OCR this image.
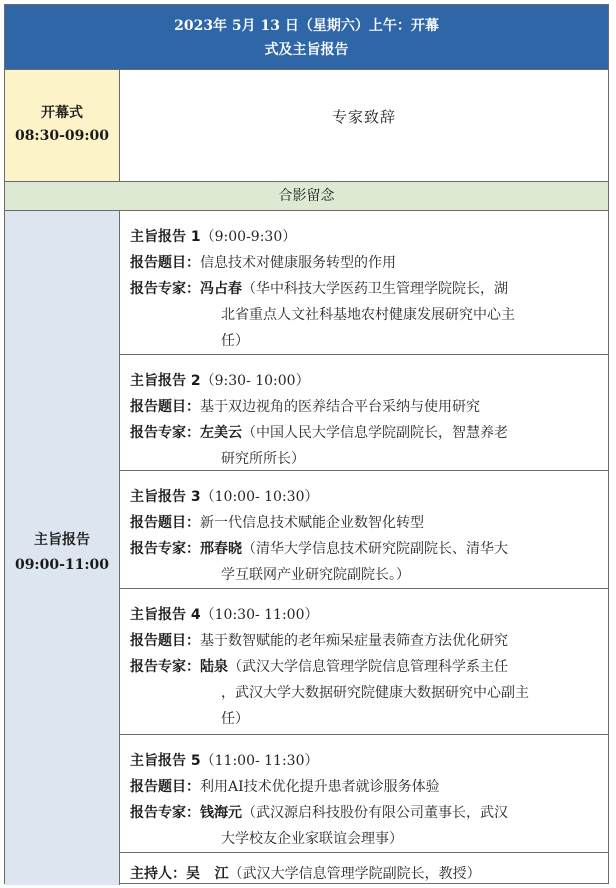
2023年 5月 13 日（星期六）上午：开幕
式及主旨报告
开幕式
08:30-09:00
专家致辞
合影留念
主旨报告
09:00-11:00
主旨报告 1（9:00-9:30）
报告题目：信息技术对健康服务转型的作用
报告专家：冯占春（华中科技大学医药卫生管理学院院长，湖
北省重点人文社科基地农村健康发展研究中心主
任）
主旨报告 2（9:30- 10:00）
报告题目：基于双边视角的医养结合平台采纳与使用研究
报告专家：左美云（中国人民大学信息学院副院长，智慧养老
研究所所长）
主旨报告 3（10:00- 10:30）
报告题目：新一代信息技术赋能企业数智化转型
报告专家：邢春晓（清华大学信息技术研究院副院长、清华大
学互联网产业研究院副院长。）
主旨报告 4（10:30- 11:00）
报告题目：基于数智赋能的老年痴呆症量表筛查方法优化研究
报告专家：陆泉（武汉大学信息管理学院信息管理科学系主任
，武汉大学大数据研究院健康大数据研究中心副主
任）
主旨报告 5（11:00- 11:30）
报告题目：利用AI技术优化提升患者就诊服务体验
报告专家：钱海元（武汉源启科技股份有限公司董事长，武汉
大学校友企业家联谊会理事）
主持人：吴   江（武汉大学信息管理学院副院长，教授）
